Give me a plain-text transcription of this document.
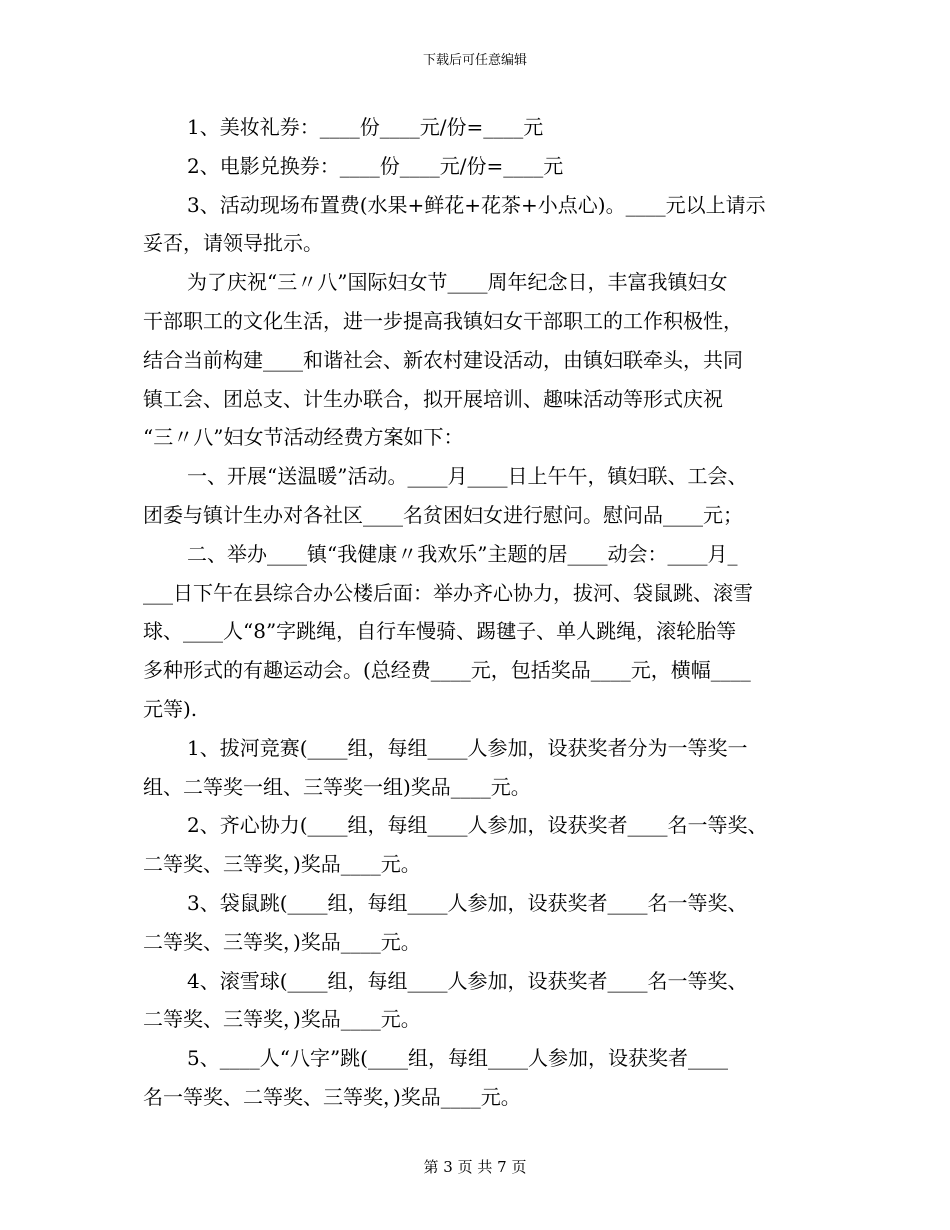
下载后可任意编辑
1、美妆礼券：____份____元/份=____元
2、电影兑换券：____份____元/份=____元
3、活动现场布置费(水果+鲜花+花茶+小点心)。____元以上请示
妥否，请领导批示。
为了庆祝“三〃八”国际妇女节____周年纪念日，丰富我镇妇女
干部职工的文化生活，进一步提高我镇妇女干部职工的工作积极性，
结合当前构建____和谐社会、新农村建设活动，由镇妇联牵头，共同
镇工会、团总支、计生办联合，拟开展培训、趣味活动等形式庆祝
“三〃八”妇女节活动经费方案如下：
一、开展“送温暖”活动。____月____日上午午，镇妇联、工会、
团委与镇计生办对各社区____名贫困妇女进行慰问。慰问品____元；
二、举办____镇“我健康〃我欢乐”主题的居____动会：____月_
___日下午在县综合办公楼后面：举办齐心协力，拔河、袋鼠跳、滚雪
球、____人“8”字跳绳，自行车慢骑、踢毽子、单人跳绳，滚轮胎等
多种形式的有趣运动会。(总经费____元，包括奖品____元，横幅____
元等).
1、拔河竞赛(____组，每组____人参加，设获奖者分为一等奖一
组、二等奖一组、三等奖一组)奖品____元。
2、齐心协力(____组，每组____人参加，设获奖者____名一等奖、
二等奖、三等奖，)奖品____元。
3、袋鼠跳(____组，每组____人参加，设获奖者____名一等奖、
二等奖、三等奖，)奖品____元。
4、滚雪球(____组，每组____人参加，设获奖者____名一等奖、
二等奖、三等奖，)奖品____元。
5、____人“八字”跳(____组，每组____人参加，设获奖者____
名一等奖、二等奖、三等奖，)奖品____元。
第 3 页 共 7 页
